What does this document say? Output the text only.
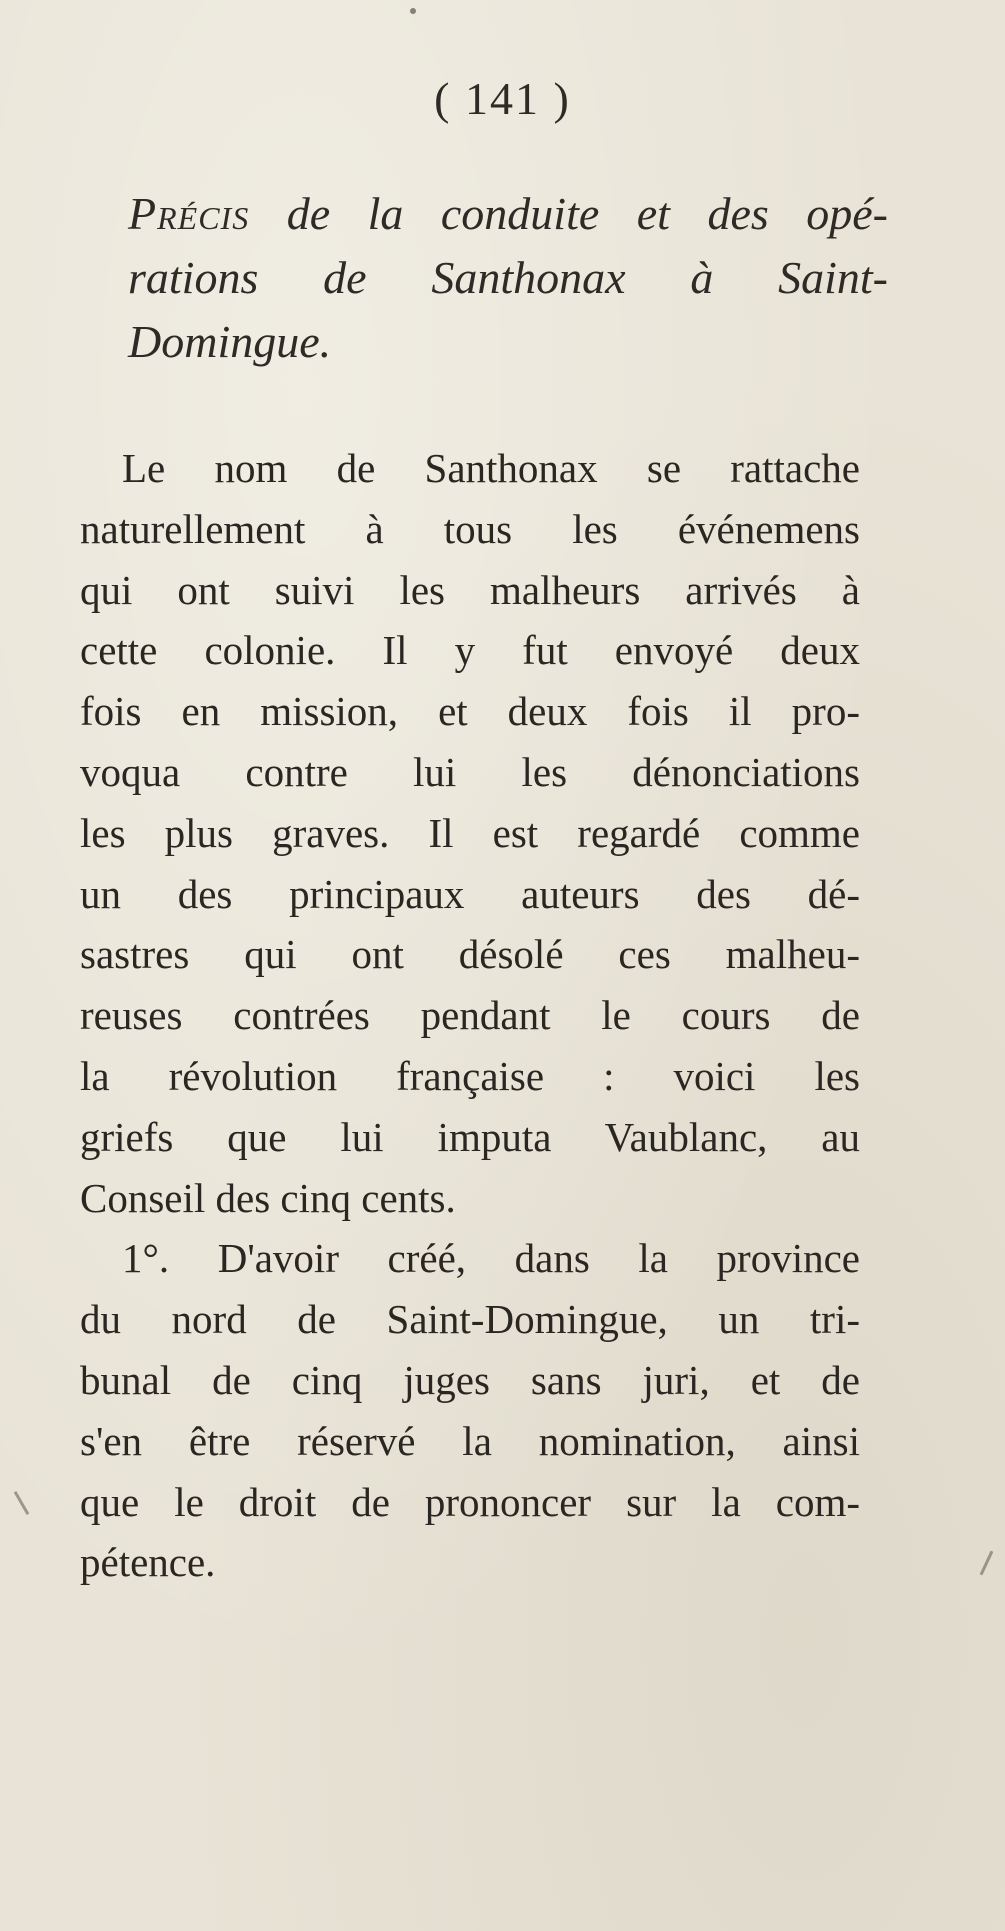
( 141 )
Précis de la conduite et des opé-
rations de Santhonax à Saint-
Domingue.
Le nom de Santhonax se rattache
naturellement à tous les événemens
qui ont suivi les malheurs arrivés à
cette colonie. Il y fut envoyé deux
fois en mission, et deux fois il pro-
voqua contre lui les dénonciations
les plus graves. Il est regardé comme
un des principaux auteurs des dé-
sastres qui ont désolé ces malheu-
reuses contrées pendant le cours de
la révolution française : voici les
griefs que lui imputa Vaublanc, au
Conseil des cinq cents.
1°. D'avoir créé, dans la province
du nord de Saint-Domingue, un tri-
bunal de cinq juges sans juri, et de
s'en être réservé la nomination, ainsi
que le droit de prononcer sur la com-
pétence.
